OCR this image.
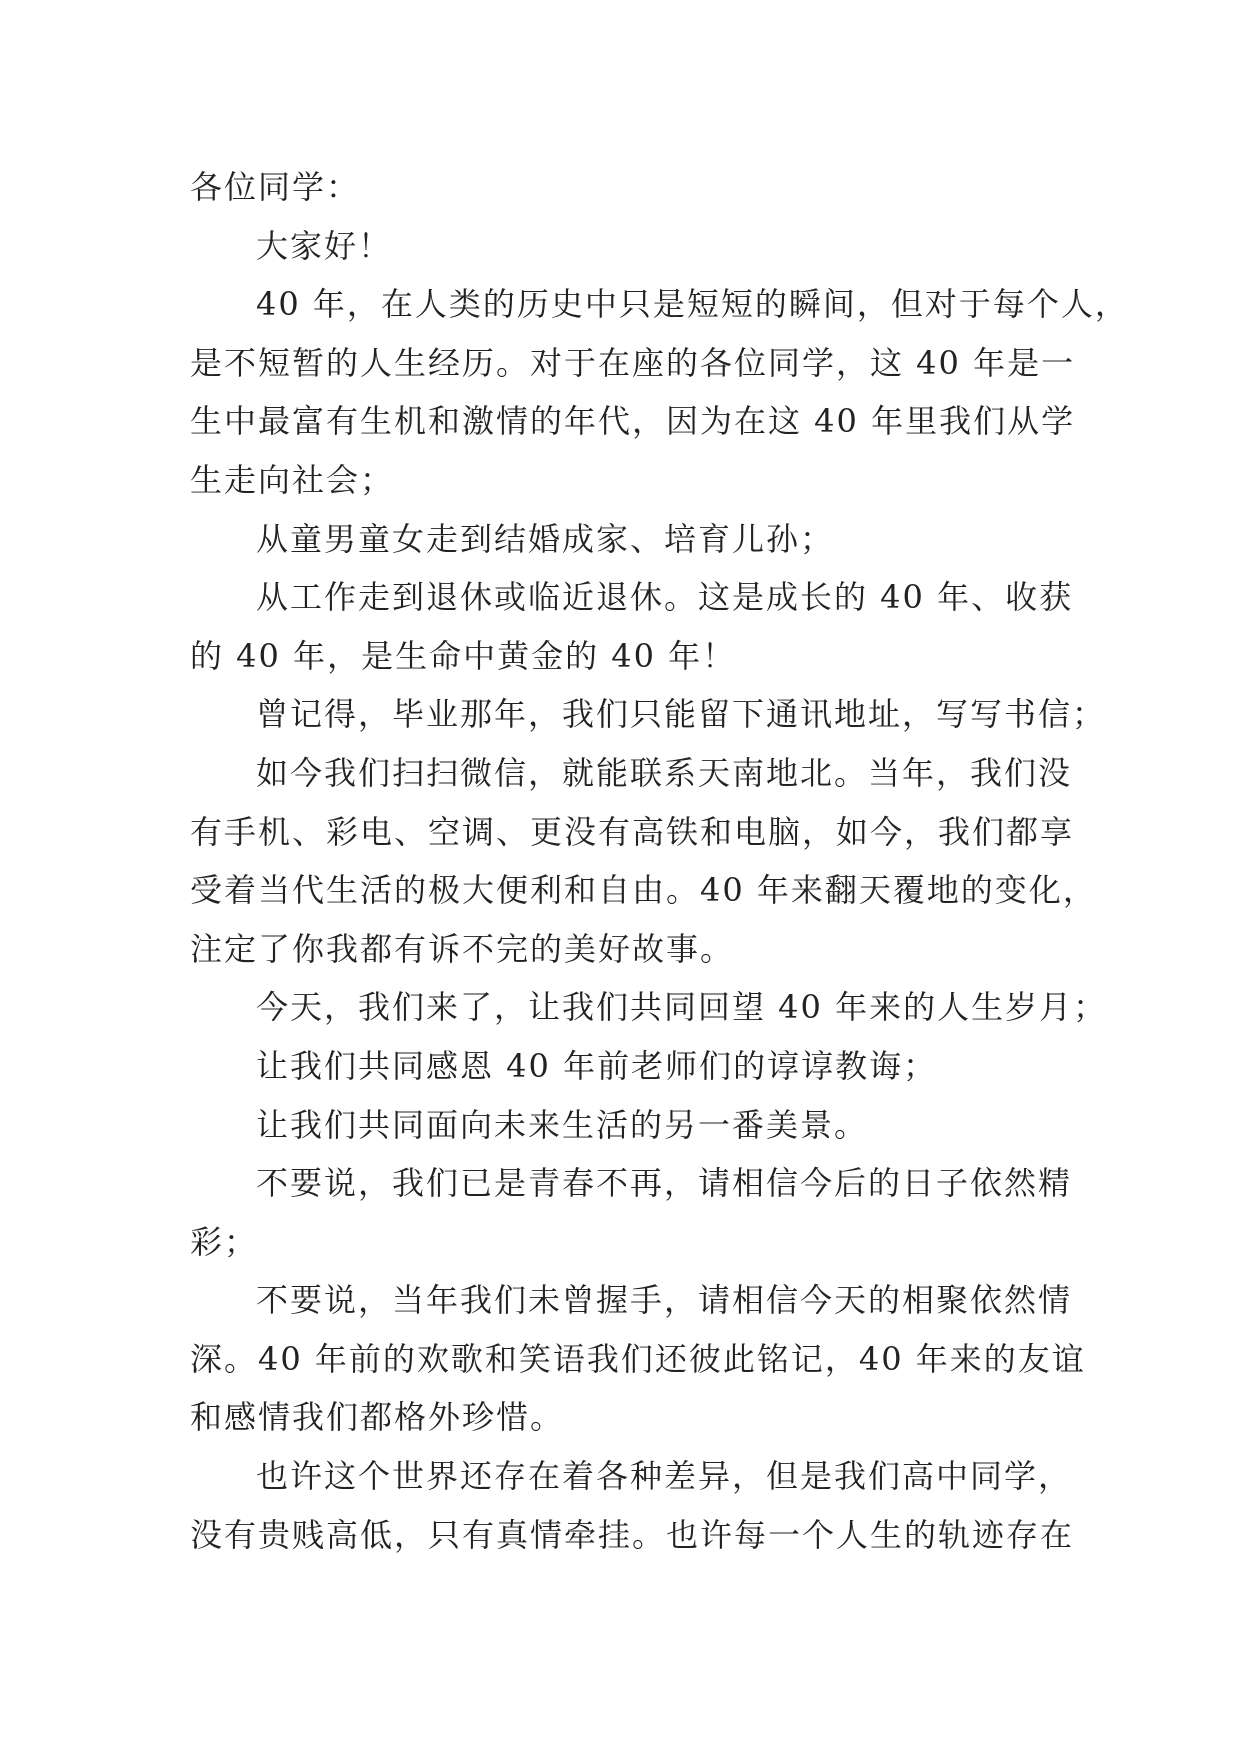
各位同学：
大家好！
40 年，在人类的历史中只是短短的瞬间，但对于每个人，
是不短暂的人生经历。对于在座的各位同学，这 40 年是一
生中最富有生机和激情的年代，因为在这 40 年里我们从学
生走向社会；
从童男童女走到结婚成家、培育儿孙；
从工作走到退休或临近退休。这是成长的 40 年、收获
的 40 年，是生命中黄金的 40 年！
曾记得，毕业那年，我们只能留下通讯地址，写写书信；
如今我们扫扫微信，就能联系天南地北。当年，我们没
有手机、彩电、空调、更没有高铁和电脑，如今，我们都享
受着当代生活的极大便利和自由。40 年来翻天覆地的变化，
注定了你我都有诉不完的美好故事。
今天，我们来了，让我们共同回望 40 年来的人生岁月；
让我们共同感恩 40 年前老师们的谆谆教诲；
让我们共同面向未来生活的另一番美景。
不要说，我们已是青春不再，请相信今后的日子依然精
彩；
不要说，当年我们未曾握手，请相信今天的相聚依然情
深。40 年前的欢歌和笑语我们还彼此铭记，40 年来的友谊
和感情我们都格外珍惜。
也许这个世界还存在着各种差异，但是我们高中同学，
没有贵贱高低，只有真情牵挂。也许每一个人生的轨迹存在
